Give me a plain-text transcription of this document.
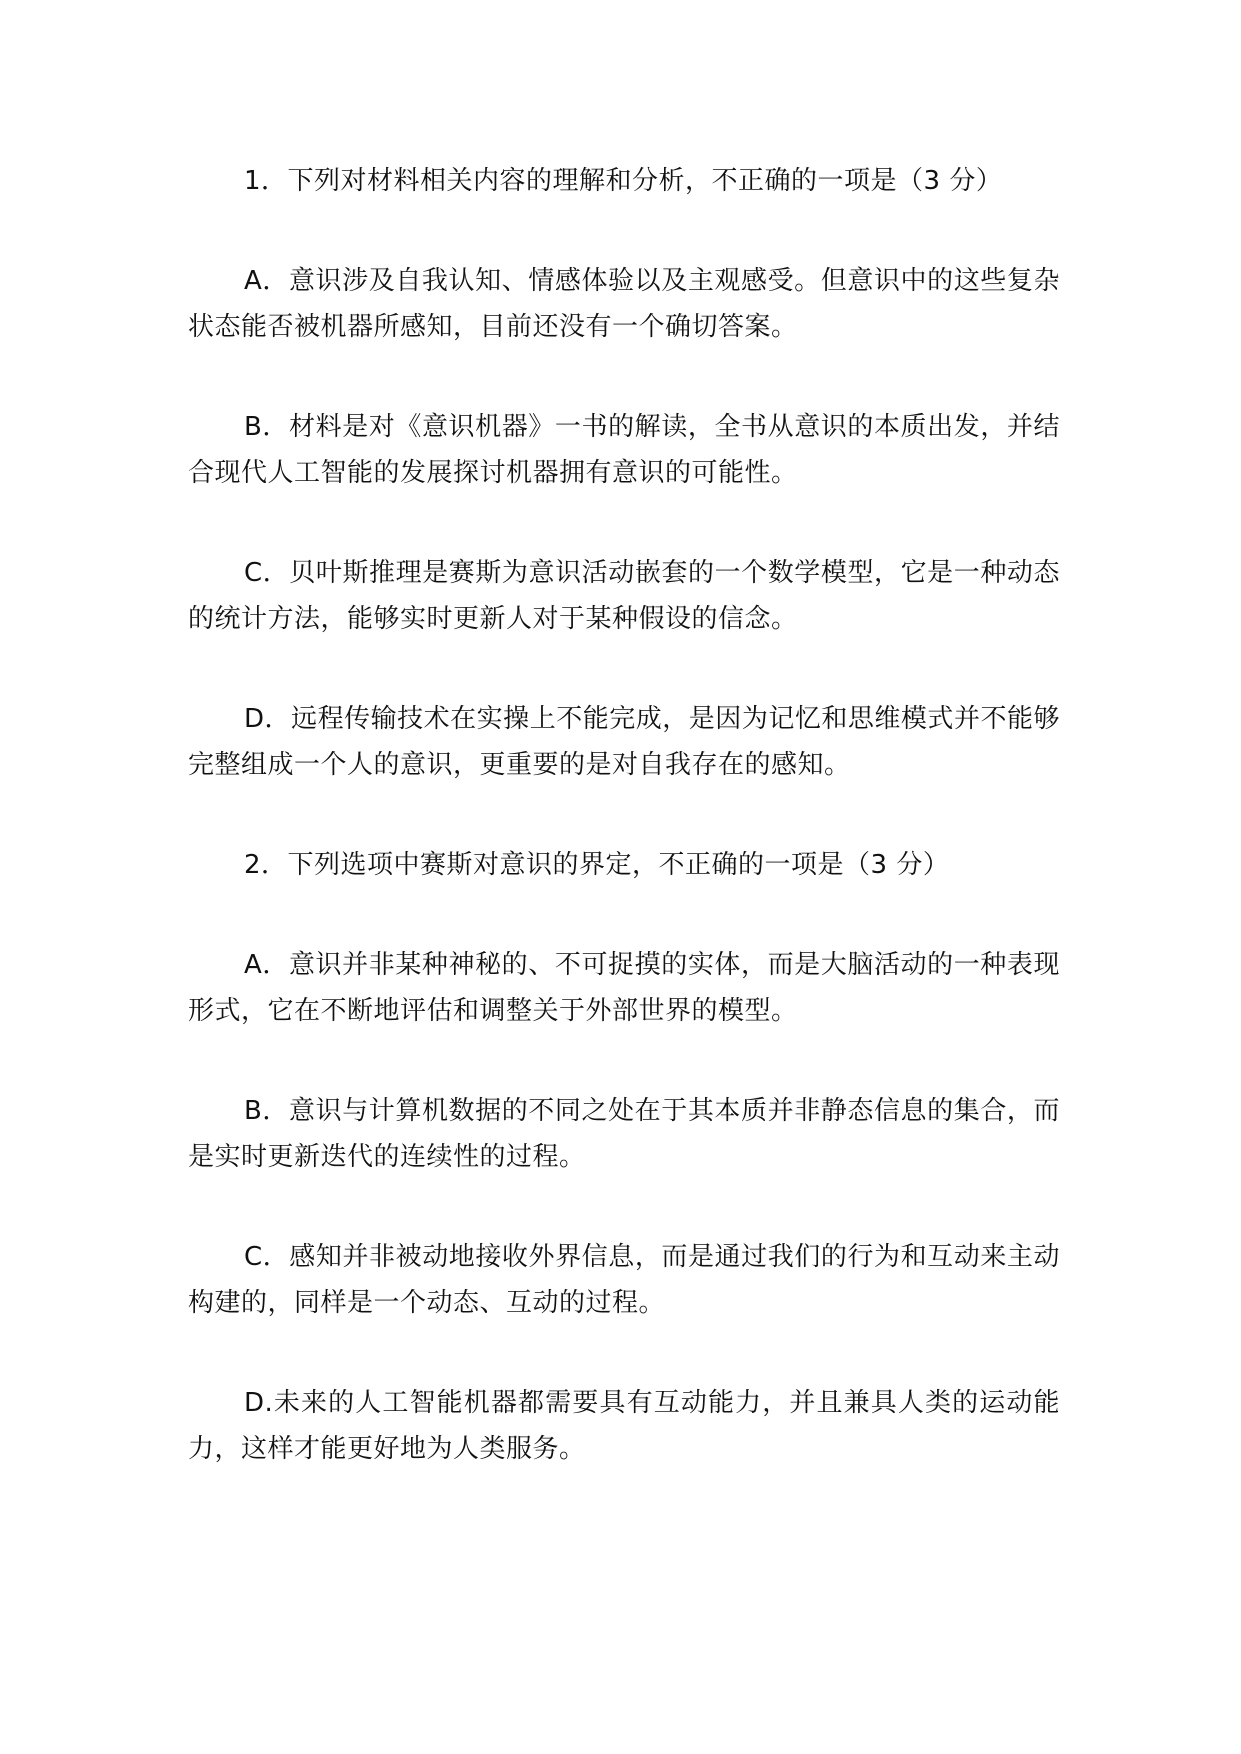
1．下列对材料相关内容的理解和分析，不正确的一项是（3 分）

A．意识涉及自我认知、情感体验以及主观感受。但意识中的这些复杂状态能否被机器所感知，目前还没有一个确切答案。

B．材料是对《意识机器》一书的解读，全书从意识的本质出发，并结合现代人工智能的发展探讨机器拥有意识的可能性。

C．贝叶斯推理是赛斯为意识活动嵌套的一个数学模型，它是一种动态的统计方法，能够实时更新人对于某种假设的信念。

D．远程传输技术在实操上不能完成，是因为记忆和思维模式并不能够完整组成一个人的意识，更重要的是对自我存在的感知。

2．下列选项中赛斯对意识的界定，不正确的一项是（3 分）

A．意识并非某种神秘的、不可捉摸的实体，而是大脑活动的一种表现形式，它在不断地评估和调整关于外部世界的模型。

B．意识与计算机数据的不同之处在于其本质并非静态信息的集合，而是实时更新迭代的连续性的过程。

C．感知并非被动地接收外界信息，而是通过我们的行为和互动来主动构建的，同样是一个动态、互动的过程。

D.未来的人工智能机器都需要具有互动能力，并且兼具人类的运动能力，这样才能更好地为人类服务。
